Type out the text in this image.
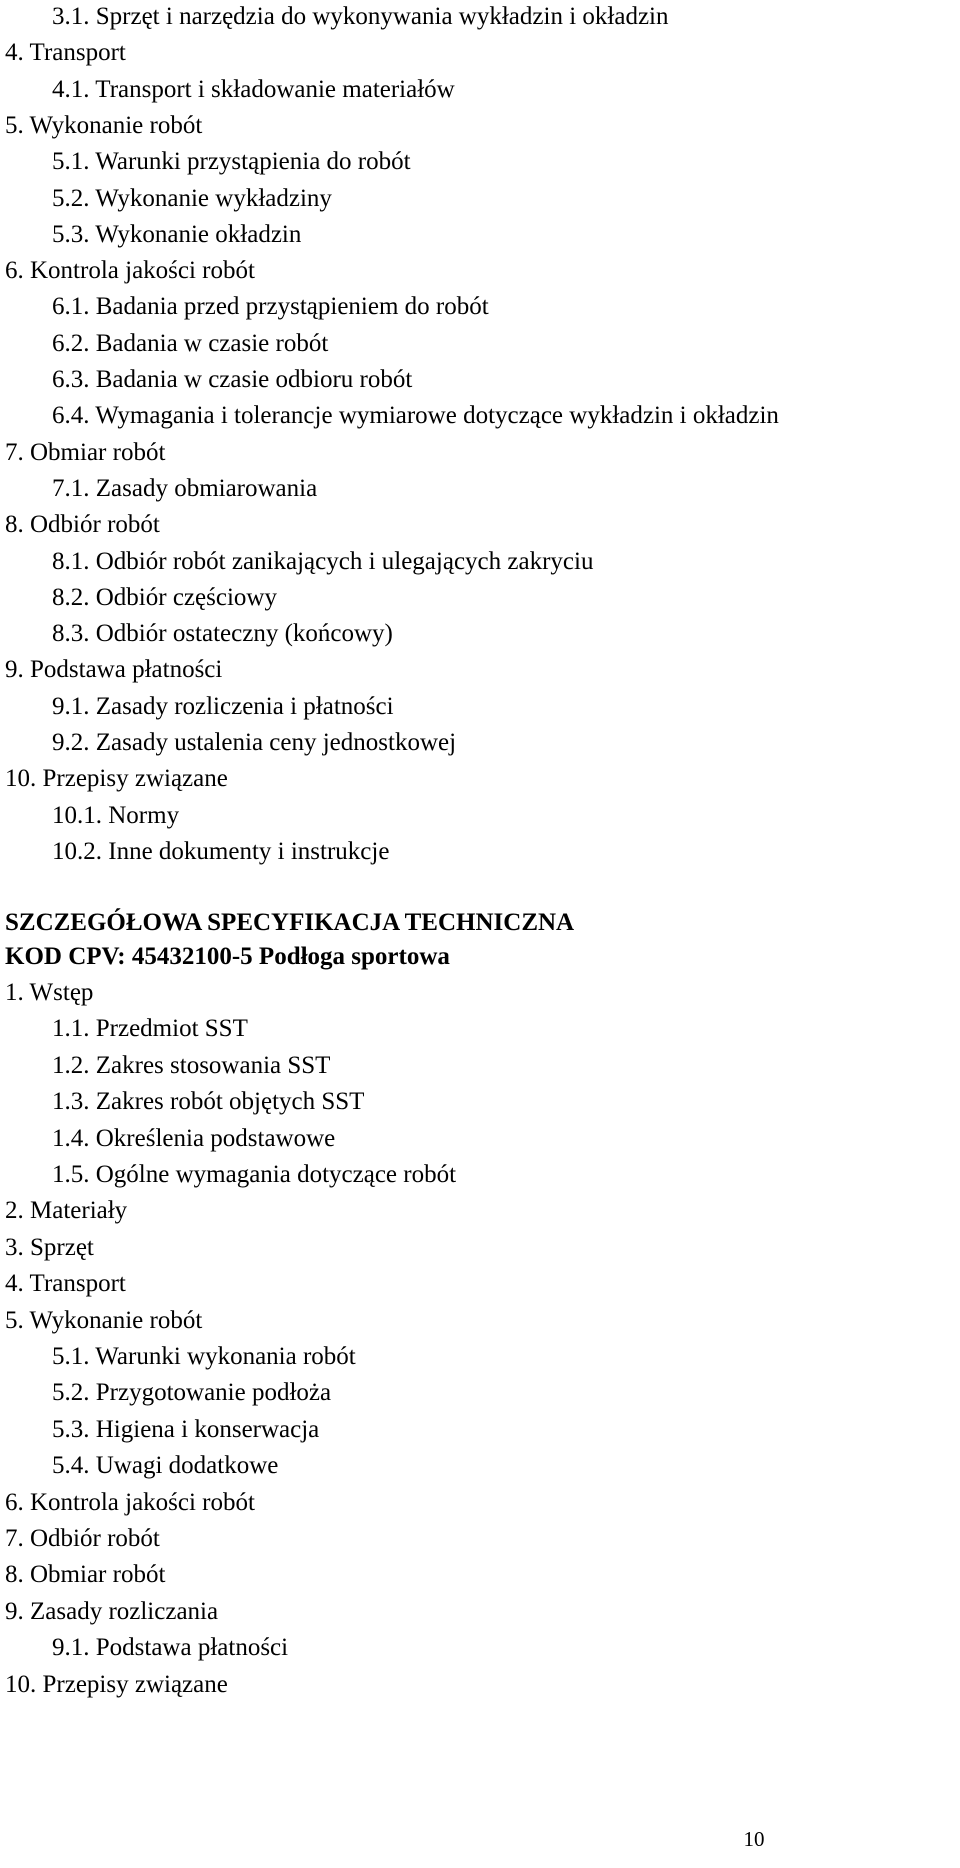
3.1. Sprzęt i narzędzia do wykonywania wykładzin i okładzin
4. Transport
4.1. Transport i składowanie materiałów
5. Wykonanie robót
5.1. Warunki przystąpienia do robót
5.2. Wykonanie wykładziny
5.3. Wykonanie okładzin
6. Kontrola jakości robót
6.1. Badania przed przystąpieniem do robót
6.2. Badania w czasie robót
6.3. Badania w czasie odbioru robót
6.4. Wymagania i tolerancje wymiarowe dotyczące wykładzin i okładzin
7. Obmiar robót
7.1. Zasady obmiarowania
8. Odbiór robót
8.1. Odbiór robót zanikających i ulegających zakryciu
8.2. Odbiór częściowy
8.3. Odbiór ostateczny (końcowy)
9. Podstawa płatności
9.1. Zasady rozliczenia i płatności
9.2. Zasady ustalenia ceny jednostkowej
10. Przepisy związane
10.1. Normy
10.2. Inne dokumenty i instrukcje
SZCZEGÓŁOWA SPECYFIKACJA TECHNICZNA
KOD CPV: 45432100-5 Podłoga sportowa
1. Wstęp
1.1. Przedmiot SST
1.2. Zakres stosowania SST
1.3. Zakres robót objętych SST
1.4. Określenia podstawowe
1.5. Ogólne wymagania dotyczące robót
2. Materiały
3. Sprzęt
4. Transport
5. Wykonanie robót
5.1. Warunki wykonania robót
5.2. Przygotowanie podłoża
5.3. Higiena i konserwacja
5.4. Uwagi dodatkowe
6. Kontrola jakości robót
7. Odbiór robót
8. Obmiar robót
9. Zasady rozliczania
9.1. Podstawa płatności
10. Przepisy związane
10
